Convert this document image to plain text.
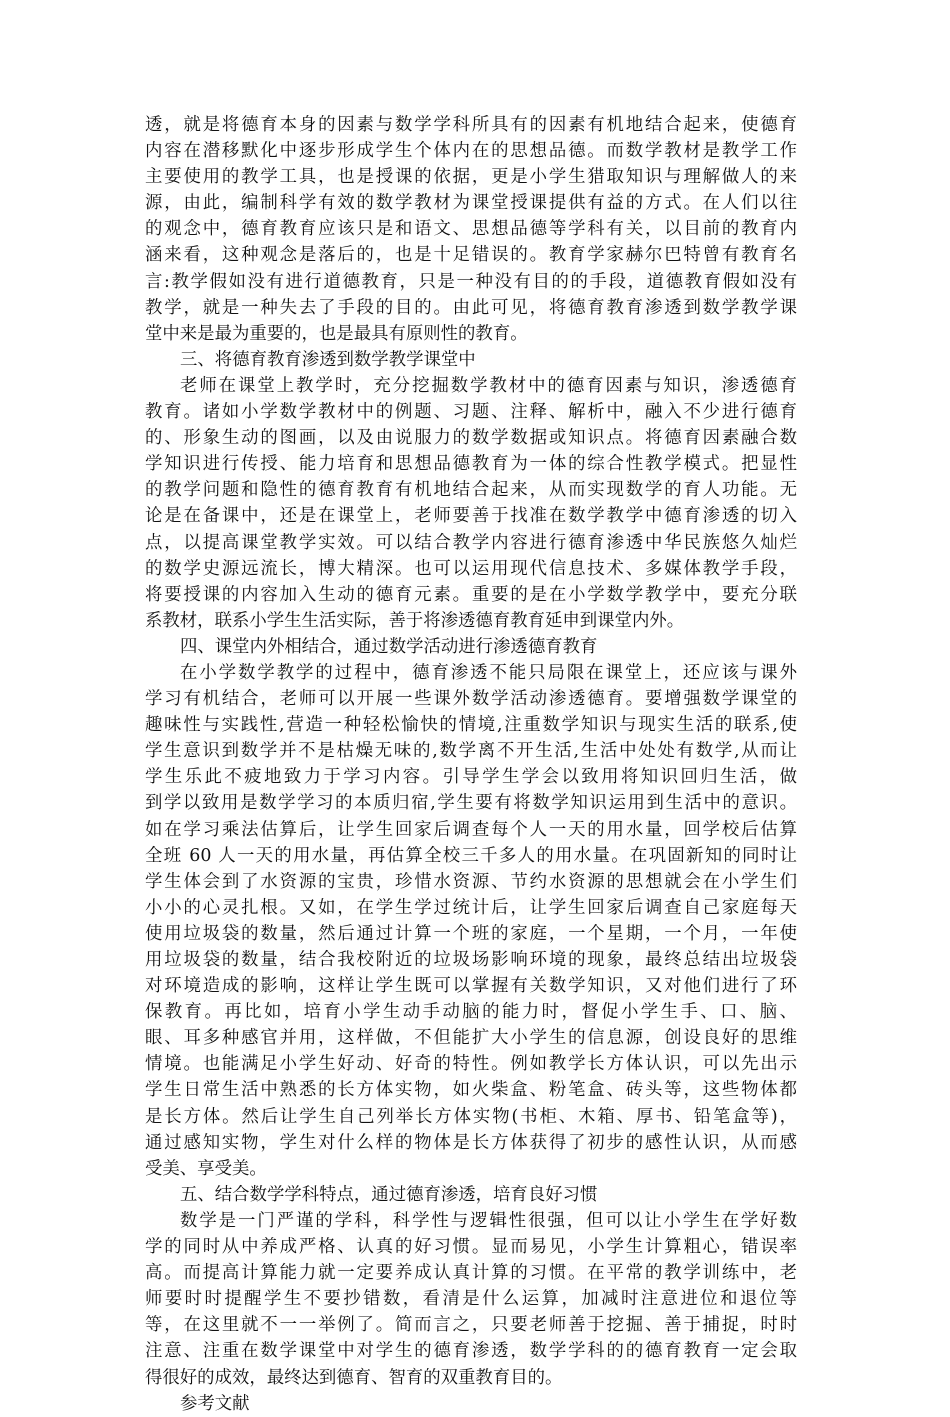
透，就是将德育本身的因素与数学学科所具有的因素有机地结合起来，使德育
内容在潜移默化中逐步形成学生个体内在的思想品德。而数学教材是教学工作
主要使用的教学工具，也是授课的依据，更是小学生猎取知识与理解做人的来
源，由此，编制科学有效的数学教材为课堂授课提供有益的方式。在人们以往
的观念中，德育教育应该只是和语文、思想品德等学科有关，以目前的教育内
涵来看，这种观念是落后的，也是十足错误的。教育学家赫尔巴特曾有教育名
言:教学假如没有进行道德教育，只是一种没有目的的手段，道德教育假如没有
教学，就是一种失去了手段的目的。由此可见，将德育教育渗透到数学教学课
堂中来是最为重要的，也是最具有原则性的教育。
三、将德育教育渗透到数学教学课堂中
老师在课堂上教学时，充分挖掘数学教材中的德育因素与知识，渗透德育
教育。诸如小学数学教材中的例题、习题、注释、解析中，融入不少进行德育
的、形象生动的图画，以及由说服力的数学数据或知识点。将德育因素融合数
学知识进行传授、能力培育和思想品德教育为一体的综合性教学模式。把显性
的教学问题和隐性的德育教育有机地结合起来，从而实现数学的育人功能。无
论是在备课中，还是在课堂上，老师要善于找准在数学教学中德育渗透的切入
点，以提高课堂教学实效。可以结合教学内容进行德育渗透中华民族悠久灿烂
的数学史源远流长，博大精深。也可以运用现代信息技术、多媒体教学手段，
将要授课的内容加入生动的德育元素。重要的是在小学数学教学中，要充分联
系教材，联系小学生生活实际，善于将渗透德育教育延申到课堂内外。
四、课堂内外相结合，通过数学活动进行渗透德育教育
在小学数学教学的过程中，德育渗透不能只局限在课堂上，还应该与课外
学习有机结合，老师可以开展一些课外数学活动渗透德育。要增强数学课堂的
趣味性与实践性,营造一种轻松愉快的情境,注重数学知识与现实生活的联系,使
学生意识到数学并不是枯燥无味的,数学离不开生活,生活中处处有数学,从而让
学生乐此不疲地致力于学习内容。引导学生学会以致用将知识回归生活，做
到学以致用是数学学习的本质归宿,学生要有将数学知识运用到生活中的意识。
如在学习乘法估算后，让学生回家后调查每个人一天的用水量，回学校后估算
全班 60 人一天的用水量，再估算全校三千多人的用水量。在巩固新知的同时让
学生体会到了水资源的宝贵，珍惜水资源、节约水资源的思想就会在小学生们
小小的心灵扎根。又如，在学生学过统计后，让学生回家后调查自己家庭每天
使用垃圾袋的数量，然后通过计算一个班的家庭，一个星期，一个月，一年使
用垃圾袋的数量，结合我校附近的垃圾场影响环境的现象，最终总结出垃圾袋
对环境造成的影响，这样让学生既可以掌握有关数学知识，又对他们进行了环
保教育。再比如，培育小学生动手动脑的能力时，督促小学生手、口、脑、
眼、耳多种感官并用，这样做，不但能扩大小学生的信息源，创设良好的思维
情境。也能满足小学生好动、好奇的特性。例如教学长方体认识，可以先出示
学生日常生活中熟悉的长方体实物，如火柴盒、粉笔盒、砖头等，这些物体都
是长方体。然后让学生自己列举长方体实物(书柜、木箱、厚书、铅笔盒等)，
通过感知实物，学生对什么样的物体是长方体获得了初步的感性认识，从而感
受美、享受美。
五、结合数学学科特点，通过德育渗透，培育良好习惯
数学是一门严谨的学科，科学性与逻辑性很强，但可以让小学生在学好数
学的同时从中养成严格、认真的好习惯。显而易见，小学生计算粗心，错误率
高。而提高计算能力就一定要养成认真计算的习惯。在平常的教学训练中，老
师要时时提醒学生不要抄错数，看清是什么运算，加减时注意进位和退位等
等，在这里就不一一举例了。简而言之，只要老师善于挖掘、善于捕捉，时时
注意、注重在数学课堂中对学生的德育渗透，数学学科的的德育教育一定会取
得很好的成效，最终达到德育、智育的双重教育目的。
参考文献
